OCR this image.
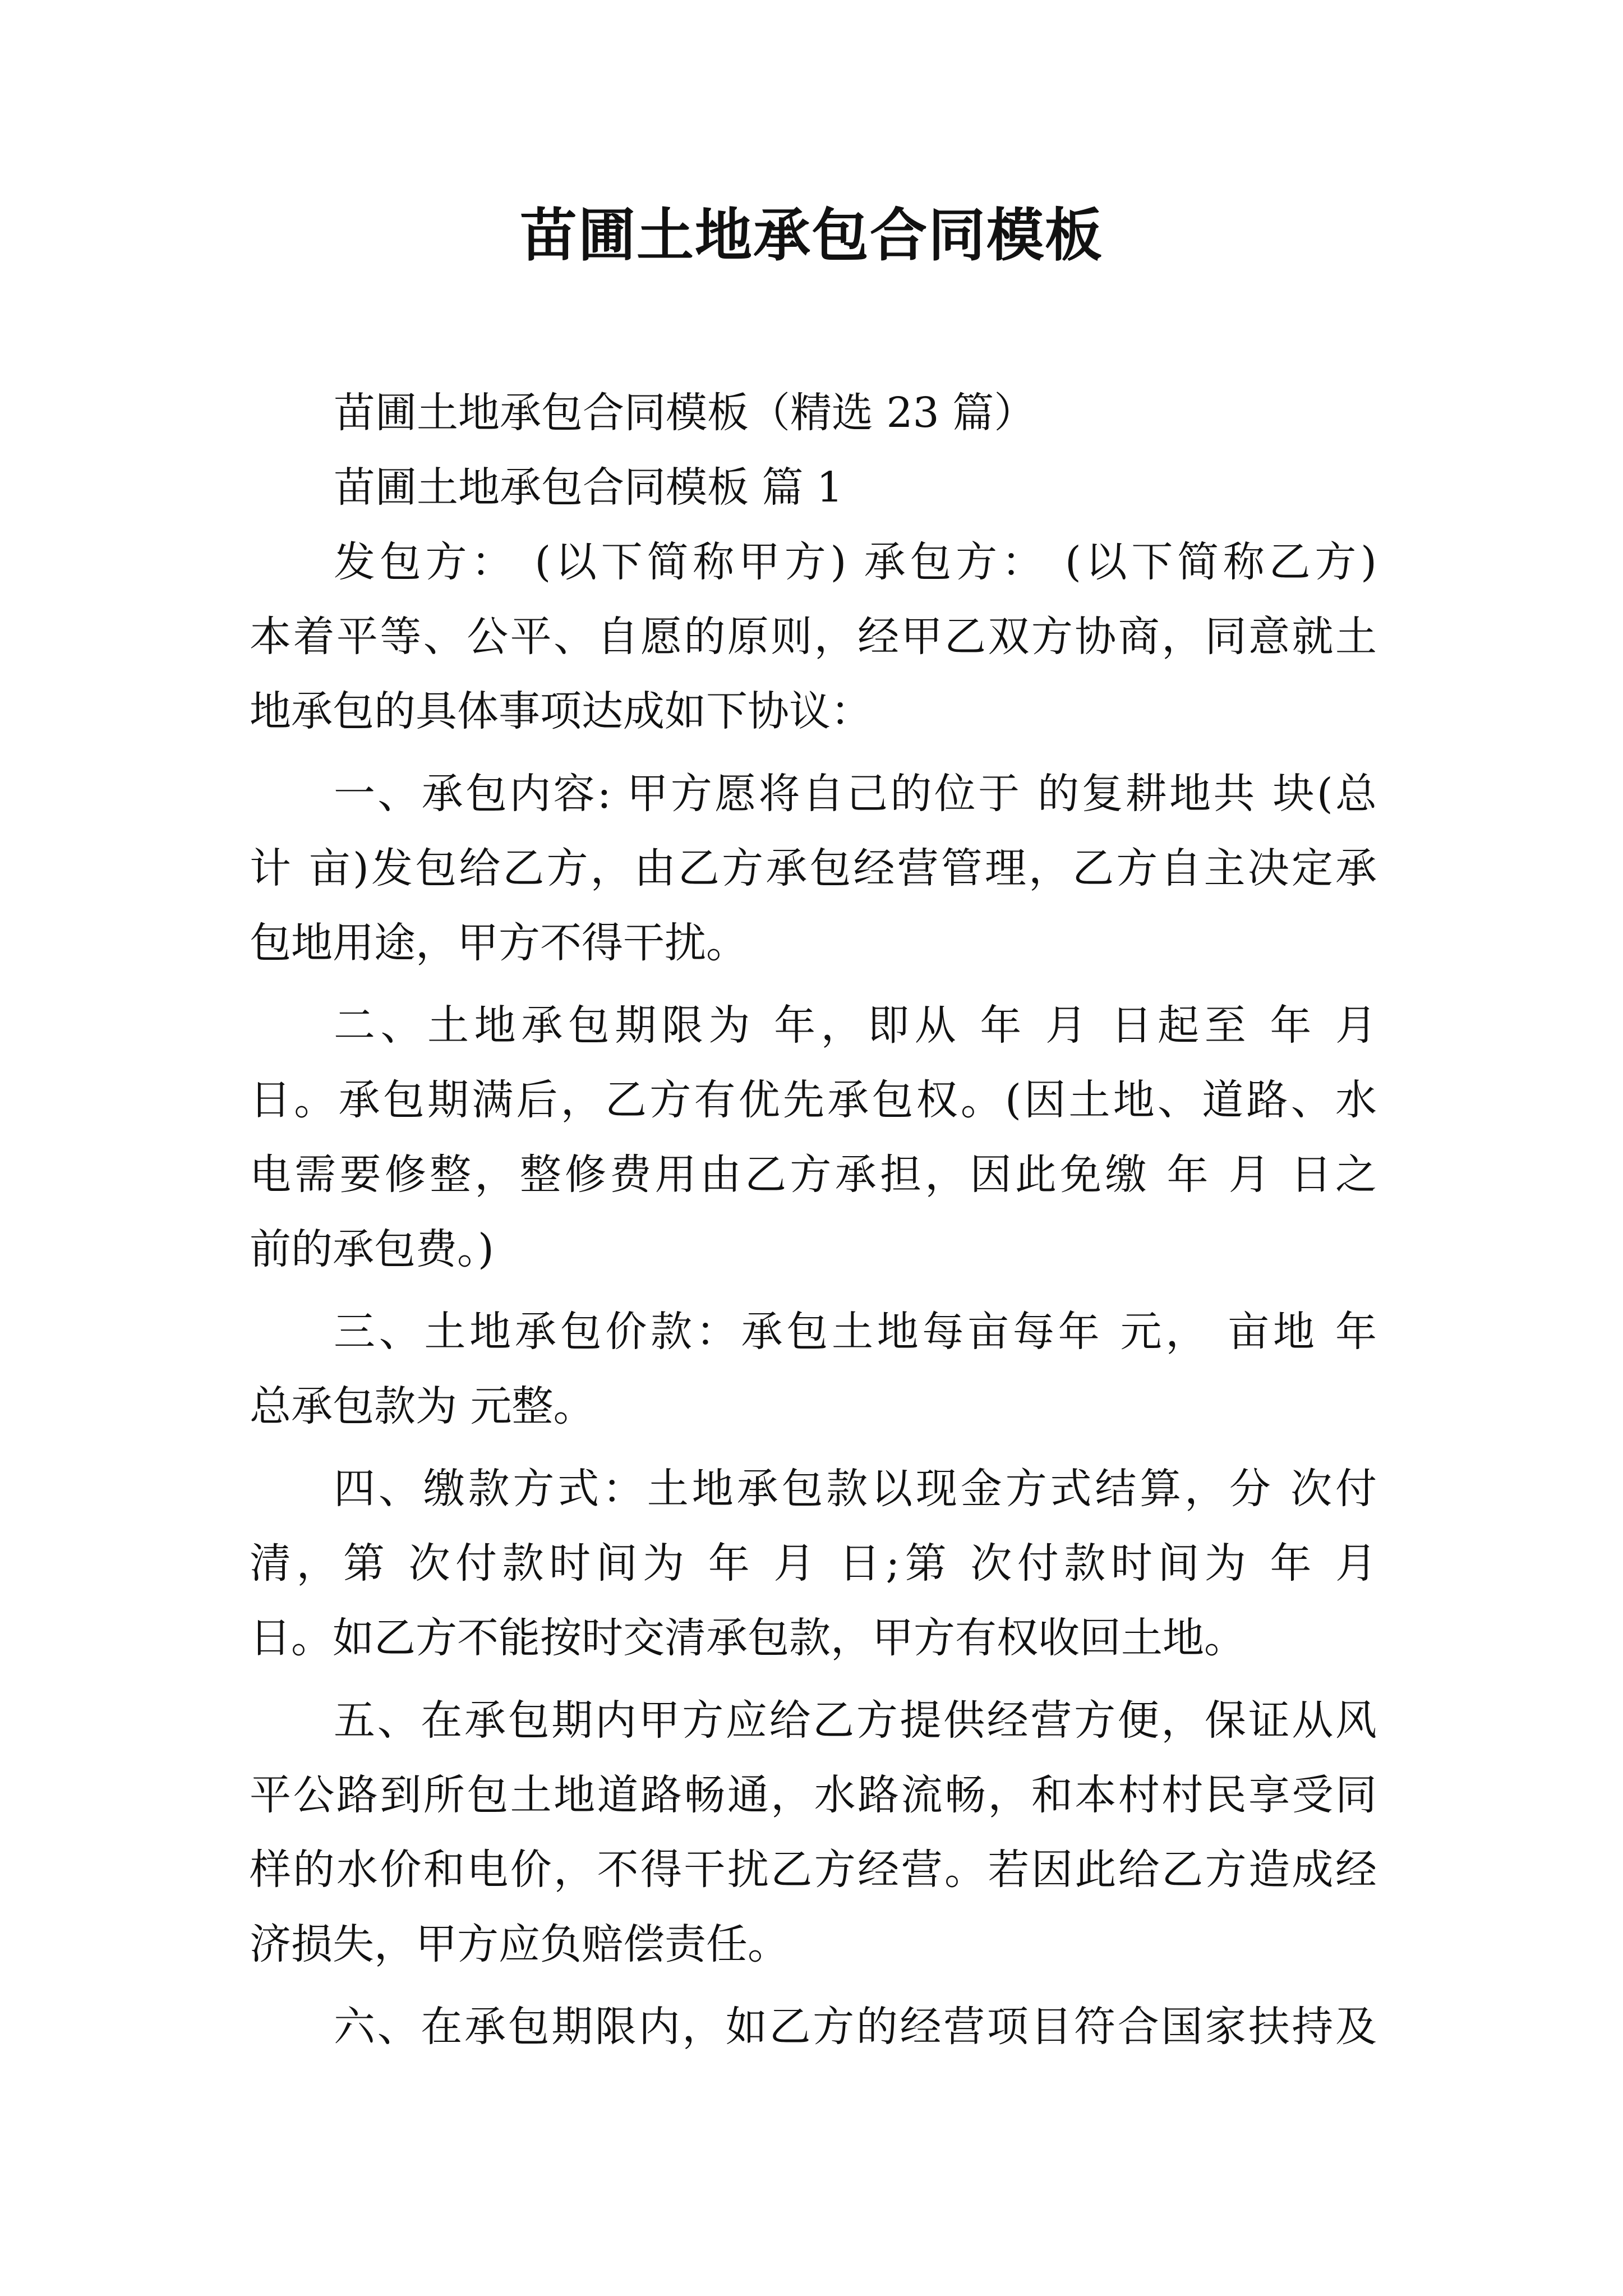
苗圃土地承包合同模板
苗圃土地承包合同模板（精选 23 篇）
苗圃土地承包合同模板 篇 1
发包方： (以下简称甲方) 承包方： (以下简称乙方)
本着平等、公平、自愿的原则，经甲乙双方协商，同意就土
地承包的具体事项达成如下协议：
一、承包内容: 甲方愿将自己的位于 的复耕地共 块(总
计 亩)发包给乙方，由乙方承包经营管理，乙方自主决定承
包地用途，甲方不得干扰。
二、土地承包期限为 年，即从 年 月 日起至 年 月
日。承包期满后，乙方有优先承包权。(因土地、道路、水
电需要修整，整修费用由乙方承担，因此免缴 年 月 日之
前的承包费。)
三、土地承包价款：承包土地每亩每年 元， 亩地 年
总承包款为 元整。
四、缴款方式：土地承包款以现金方式结算，分 次付
清，第 次付款时间为 年 月 日;第 次付款时间为 年 月
日。如乙方不能按时交清承包款，甲方有权收回土地。
五、在承包期内甲方应给乙方提供经营方便，保证从风
平公路到所包土地道路畅通，水路流畅，和本村村民享受同
样的水价和电价，不得干扰乙方经营。若因此给乙方造成经
济损失，甲方应负赔偿责任。
六、在承包期限内，如乙方的经营项目符合国家扶持及
